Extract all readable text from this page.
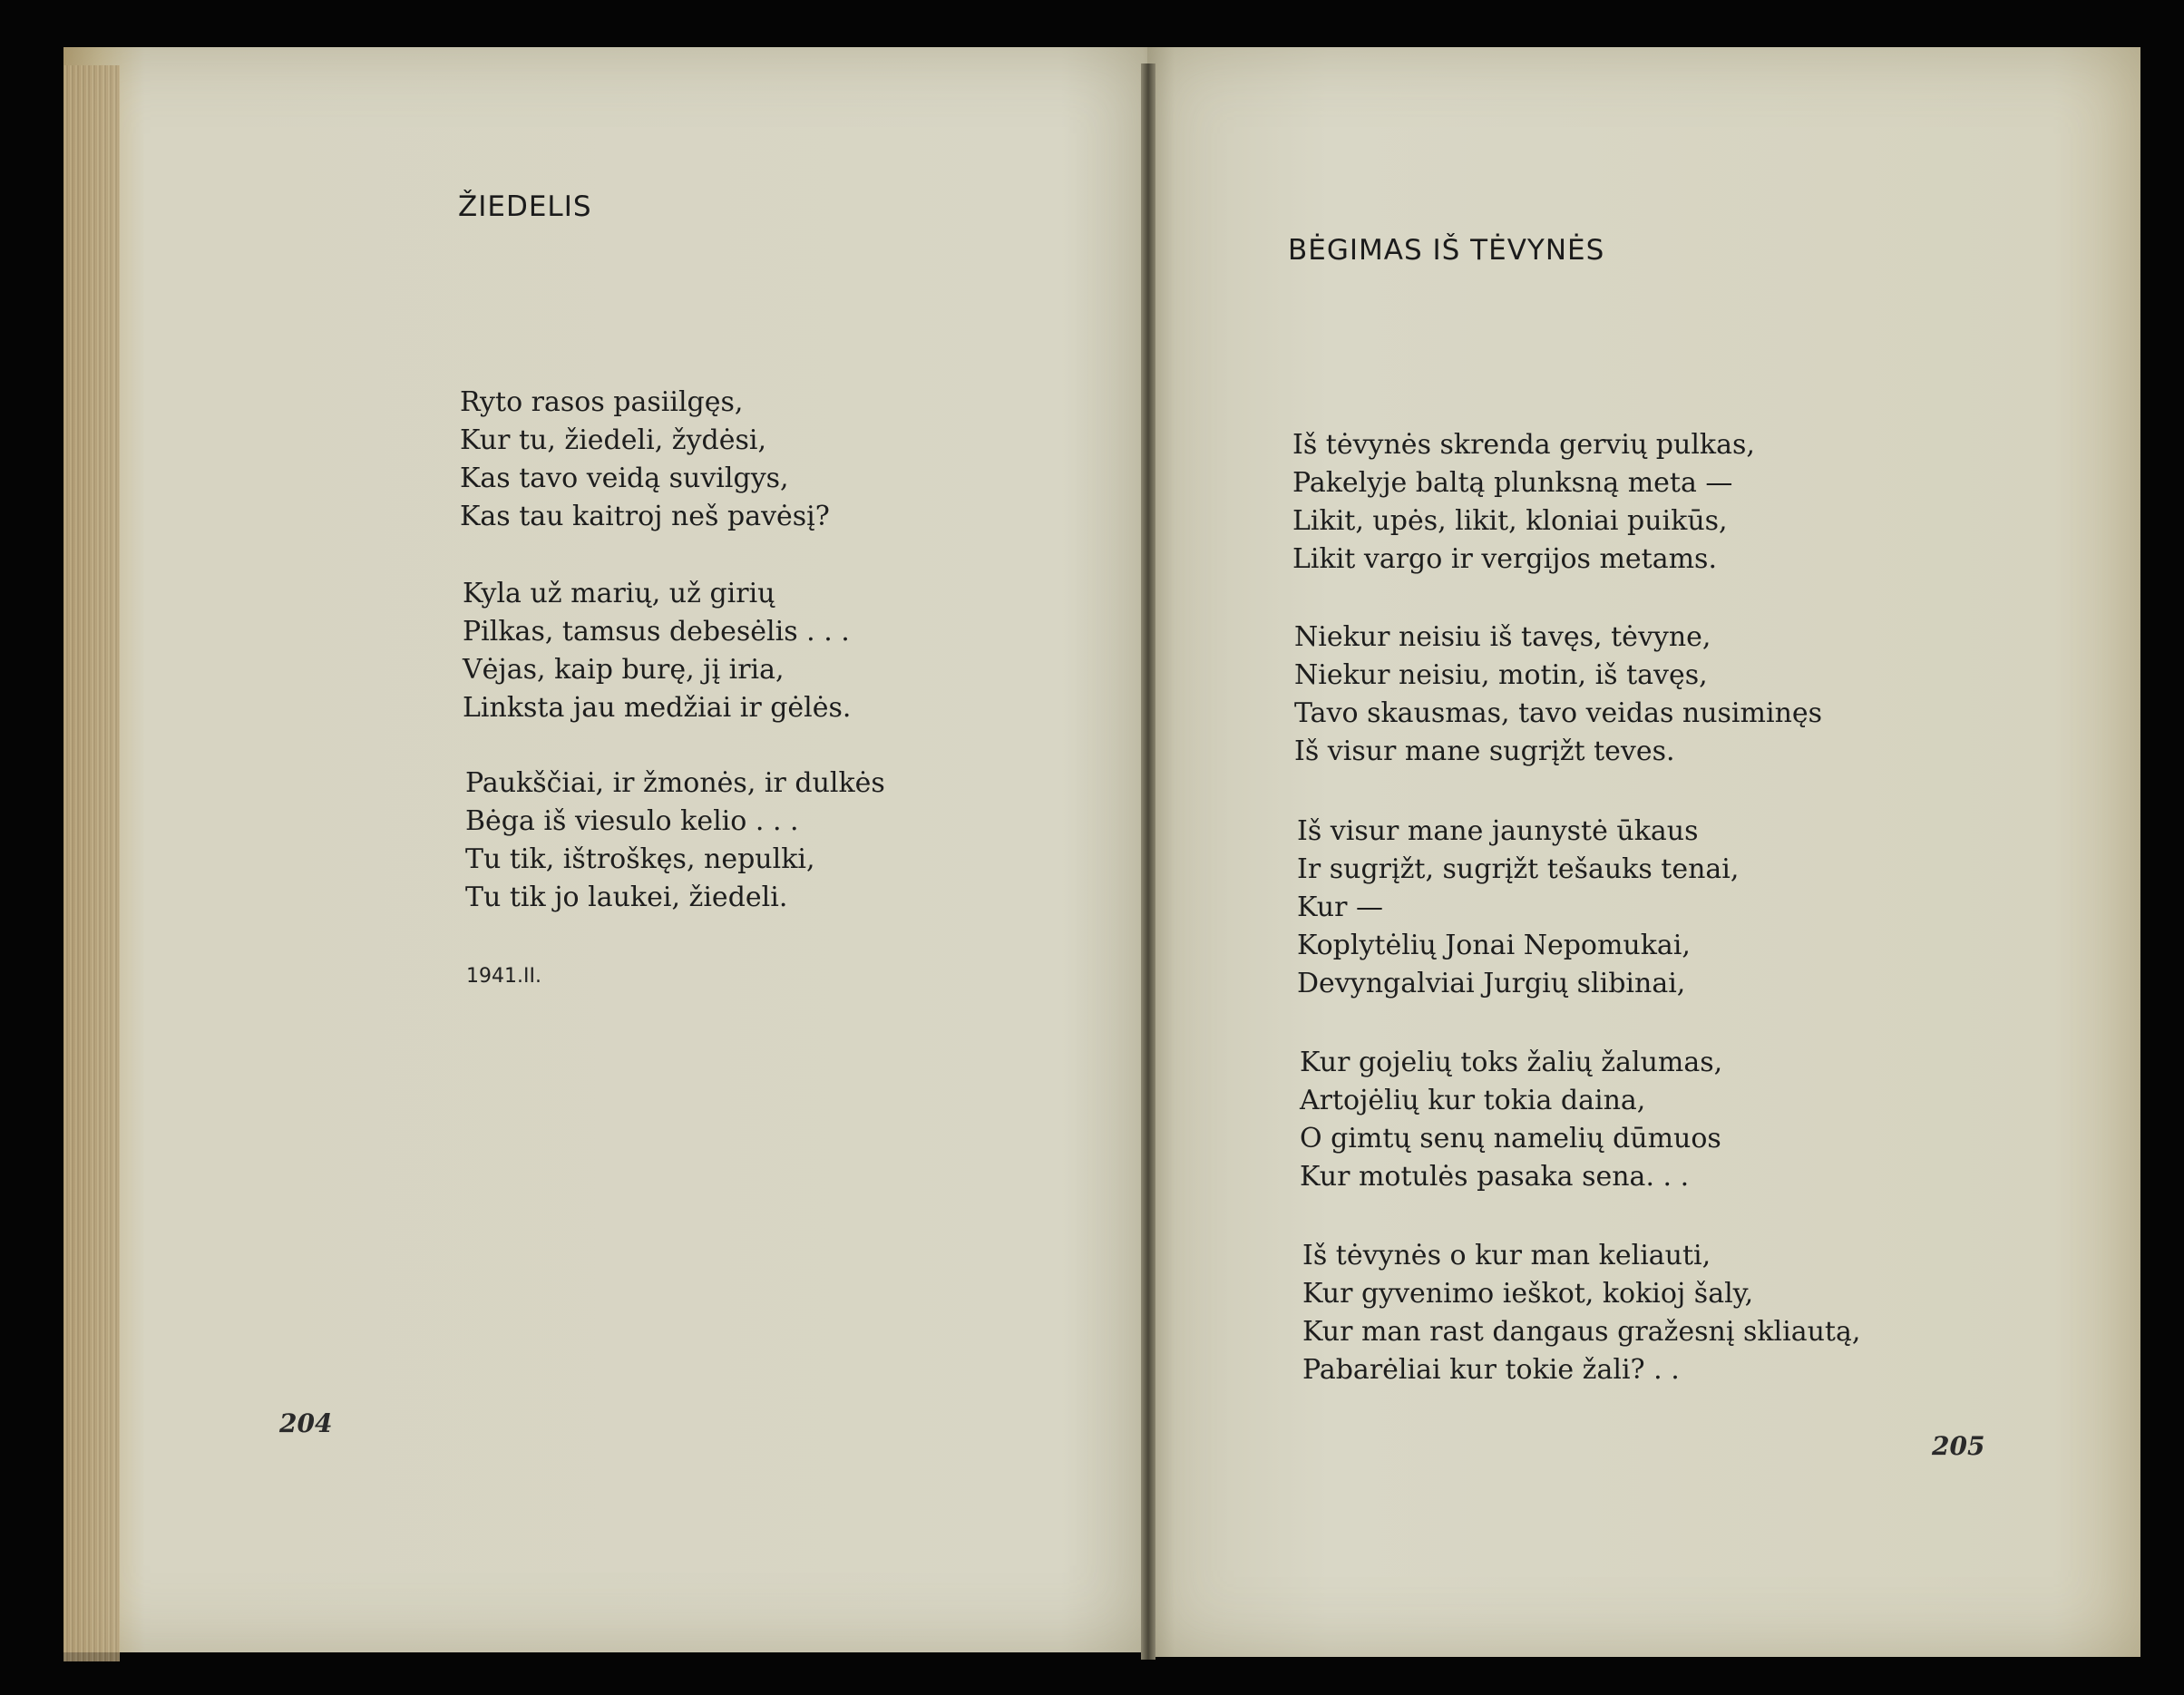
ŽIEDELIS
Ryto rasos pasiilgęs,
Kur tu, žiedeli, žydėsi,
Kas tavo veidą suvilgys,
Kas tau kaitroj neš pavėsį?
Kyla už marių, už girių
Pilkas, tamsus debesėlis . . .
Vėjas, kaip burę, jį iria,
Linksta jau medžiai ir gėlės.
Paukščiai, ir žmonės, ir dulkės
Bėga iš viesulo kelio . . .
Tu tik, ištroškęs, nepulki,
Tu tik jo laukei, žiedeli.
1941.II.
204
BĖGIMAS IŠ TĖVYNĖS
Iš tėvynės skrenda gervių pulkas,
Pakelyje baltą plunksną meta —
Likit, upės, likit, kloniai puikūs,
Likit vargo ir vergijos metams.
Niekur neisiu iš tavęs, tėvyne,
Niekur neisiu, motin, iš tavęs,
Tavo skausmas, tavo veidas nusiminęs
Iš visur mane sugrįžt teves.
Iš visur mane jaunystė ūkaus
Ir sugrįžt, sugrįžt tešauks tenai,
Kur —
Koplytėlių Jonai Nepomukai,
Devyngalviai Jurgių slibinai,
Kur gojelių toks žalių žalumas,
Artojėlių kur tokia daina,
O gimtų senų namelių dūmuos
Kur motulės pasaka sena. . .
Iš tėvynės o kur man keliauti,
Kur gyvenimo ieškot, kokioj šaly,
Kur man rast dangaus gražesnį skliautą,
Pabarėliai kur tokie žali? . .
205
